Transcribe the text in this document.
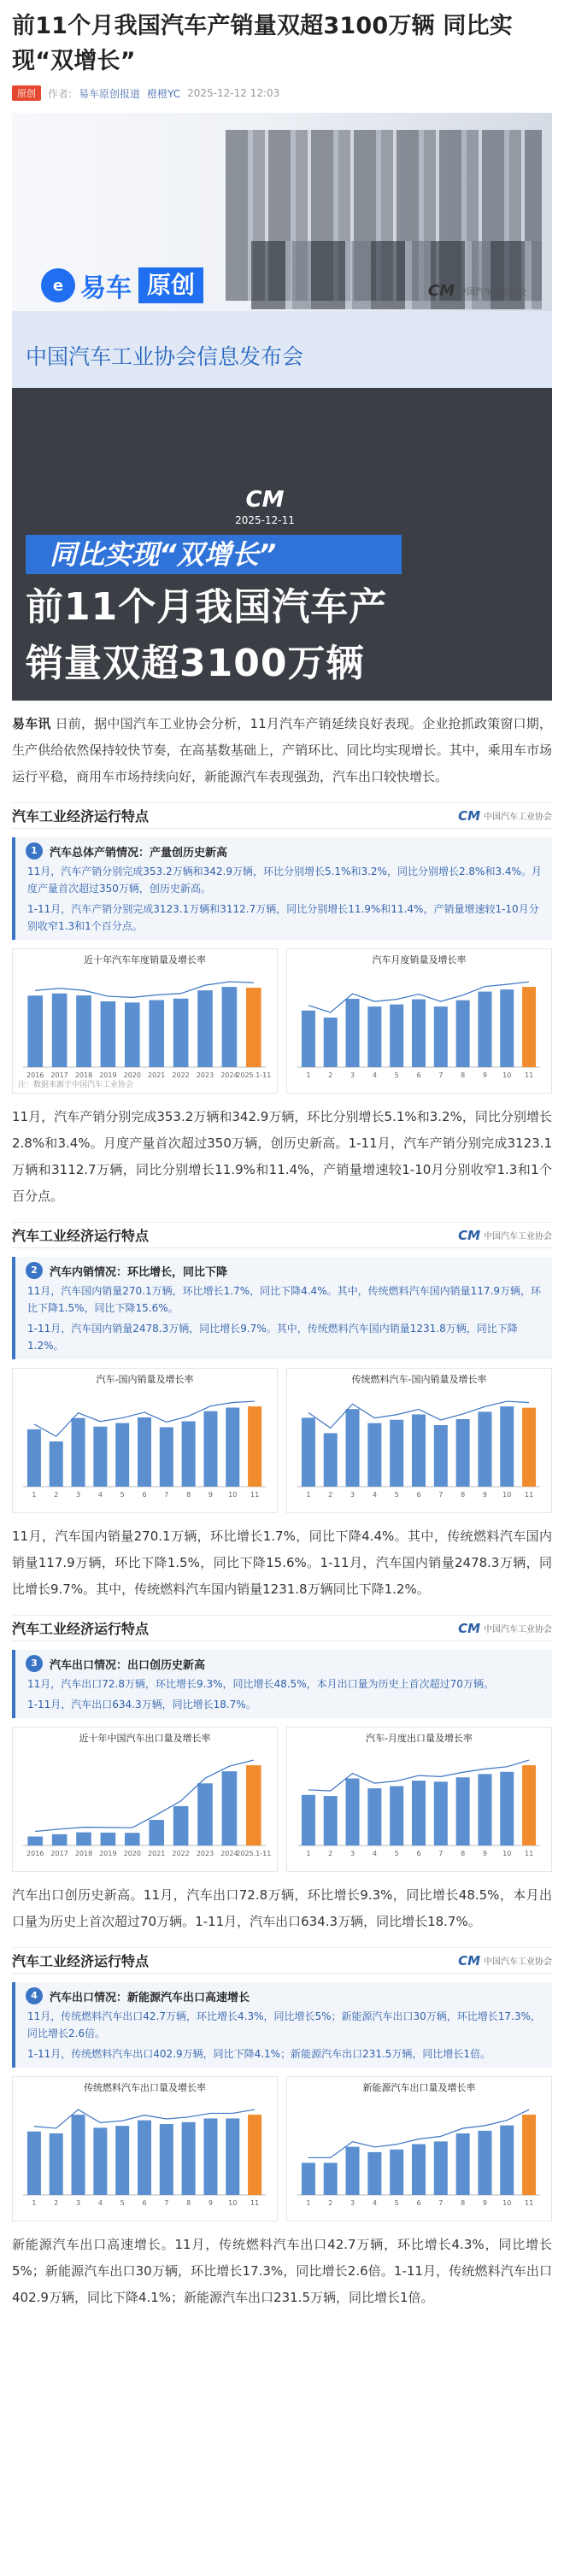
前11个月我国汽车产销量双超3100万辆 同比实现“双增长”
原创	作者: 易车原创报道 橙橙YC 2025-12-12 12:03
e 易车 原创	CM 中国汽车工业协会
中国汽车工业协会信息发布会
CM
2025-12-11
同比实现“双增长”
前11个月我国汽车产
销量双超3100万辆

易车讯 日前，据中国汽车工业协会分析，11月汽车产销延续良好表现。企业抢抓政策窗口期，生产供给依然保持较快节奏，在高基数基础上，产销环比、同比均实现增长。其中，乘用车市场运行平稳，商用车市场持续向好，新能源汽车表现强劲，汽车出口较快增长。

汽车工业经济运行特点	CM 中国汽车工业协会
1	汽车总体产销情况：产量创历史新高
11月，汽车产销分别完成353.2万辆和342.9万辆，环比分别增长5.1%和3.2%，同比分别增长2.8%和3.4%。月度产量首次超过350万辆，创历史新高。
1-11月，汽车产销分别完成3123.1万辆和3112.7万辆，同比分别增长11.9%和11.4%，产销量增速较1-10月分别收窄1.3和1个百分点。
近十年汽车年度销量及增长率
2016 2017 2018 2019 2020 2021 2022 2023 2024
2025.1-11
注：数据来源于中国汽车工业协会
汽车月度销量及增长率
1	2	3	4	5	6	7	8	9 10 11

11月，汽车产销分别完成353.2万辆和342.9万辆，环比分别增长5.1%和3.2%，同比分别增长2.8%和3.4%。月度产量首次超过350万辆，创历史新高。1-11月，汽车产销分别完成3123.1万辆和3112.7万辆，同比分别增长11.9%和11.4%，产销量增速较1-10月分别收窄1.3和1个百分点。

汽车工业经济运行特点	CM 中国汽车工业协会
2	汽车内销情况：环比增长，同比下降
11月，汽车国内销量270.1万辆，环比增长1.7%，同比下降4.4%。其中，传统燃料汽车国内销量117.9万辆，环比下降1.5%，同比下降15.6%。
1-11月，汽车国内销量2478.3万辆，同比增长9.7%。其中，传统燃料汽车国内销量1231.8万辆，同比下降1.2%。
汽车-国内销量及增长率
1	2	3	4	5	6	7	8	9 10 11
传统燃料汽车-国内销量及增长率
1	2	3	4	5	6	7	8	9 10 11

11月，汽车国内销量270.1万辆，环比增长1.7%，同比下降4.4%。其中，传统燃料汽车国内销量117.9万辆，环比下降1.5%，同比下降15.6%。1-11月，汽车国内销量2478.3万辆，同比增长9.7%。其中，传统燃料汽车国内销量1231.8万辆同比下降1.2%。

汽车工业经济运行特点	CM 中国汽车工业协会
3	汽车出口情况：出口创历史新高
11月，汽车出口72.8万辆，环比增长9.3%，同比增长48.5%，本月出口量为历史上首次超过70万辆。
1-11月，汽车出口634.3万辆，同比增长18.7%。
近十年中国汽车出口量及增长率
2016 2017 2018 2019 2020 2021 2022 2023 2024
2025.1-11
汽车-月度出口量及增长率
1	2	3	4	5	6	7	8	9 10 11

汽车出口创历史新高。11月，汽车出口72.8万辆，环比增长9.3%，同比增长48.5%，本月出口量为历史上首次超过70万辆。1-11月，汽车出口634.3万辆，同比增长18.7%。

汽车工业经济运行特点	CM 中国汽车工业协会
4	汽车出口情况：新能源汽车出口高速增长
11月，传统燃料汽车出口42.7万辆，环比增长4.3%，同比增长5%；新能源汽车出口30万辆，环比增长17.3%，同比增长2.6倍。
1-11月，传统燃料汽车出口402.9万辆，同比下降4.1%；新能源汽车出口231.5万辆，同比增长1倍。
传统燃料汽车出口量及增长率
1	2	3	4	5	6	7	8	9 10 11
新能源汽车出口量及增长率
1	2	3	4	5	6	7	8	9 10 11

新能源汽车出口高速增长。11月，传统燃料汽车出口42.7万辆，环比增长4.3%，同比增长5%；新能源汽车出口30万辆，环比增长17.3%，同比增长2.6倍。1-11月，传统燃料汽车出口402.9万辆，同比下降4.1%；新能源汽车出口231.5万辆，同比增长1倍。
